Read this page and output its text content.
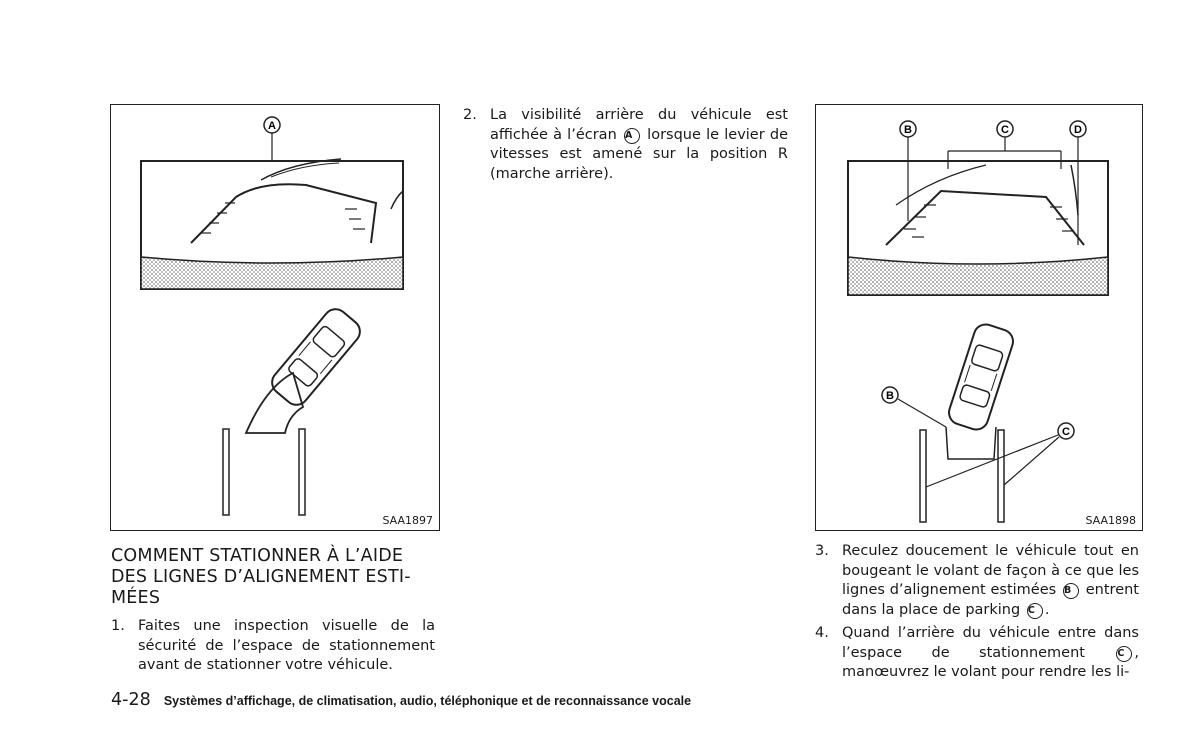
A
SAA1897
B	C	D
B
C
SAA1898
COMMENT STATIONNER À L’AIDE DES LIGNES D’ALIGNEMENT ESTI-MÉES
1. Faites une inspection visuelle de la sécurité de l’espace de stationnement avant de stationner votre véhicule.
2. La visibilité arrière du véhicule est affichée à l’écran A lorsque le levier de vitesses est amené sur la position R (marche arrière).
3. Reculez doucement le véhicule tout en bougeant le volant de façon à ce que les lignes d’alignement estimées B entrent dans la place de parking C .
4. Quand l’arrière du véhicule entre dans l’espace de stationnement	C , manœuvrez le volant pour rendre les li-
4-28 Systèmes d’affichage, de climatisation, audio, téléphonique et de reconnaissance vocale
